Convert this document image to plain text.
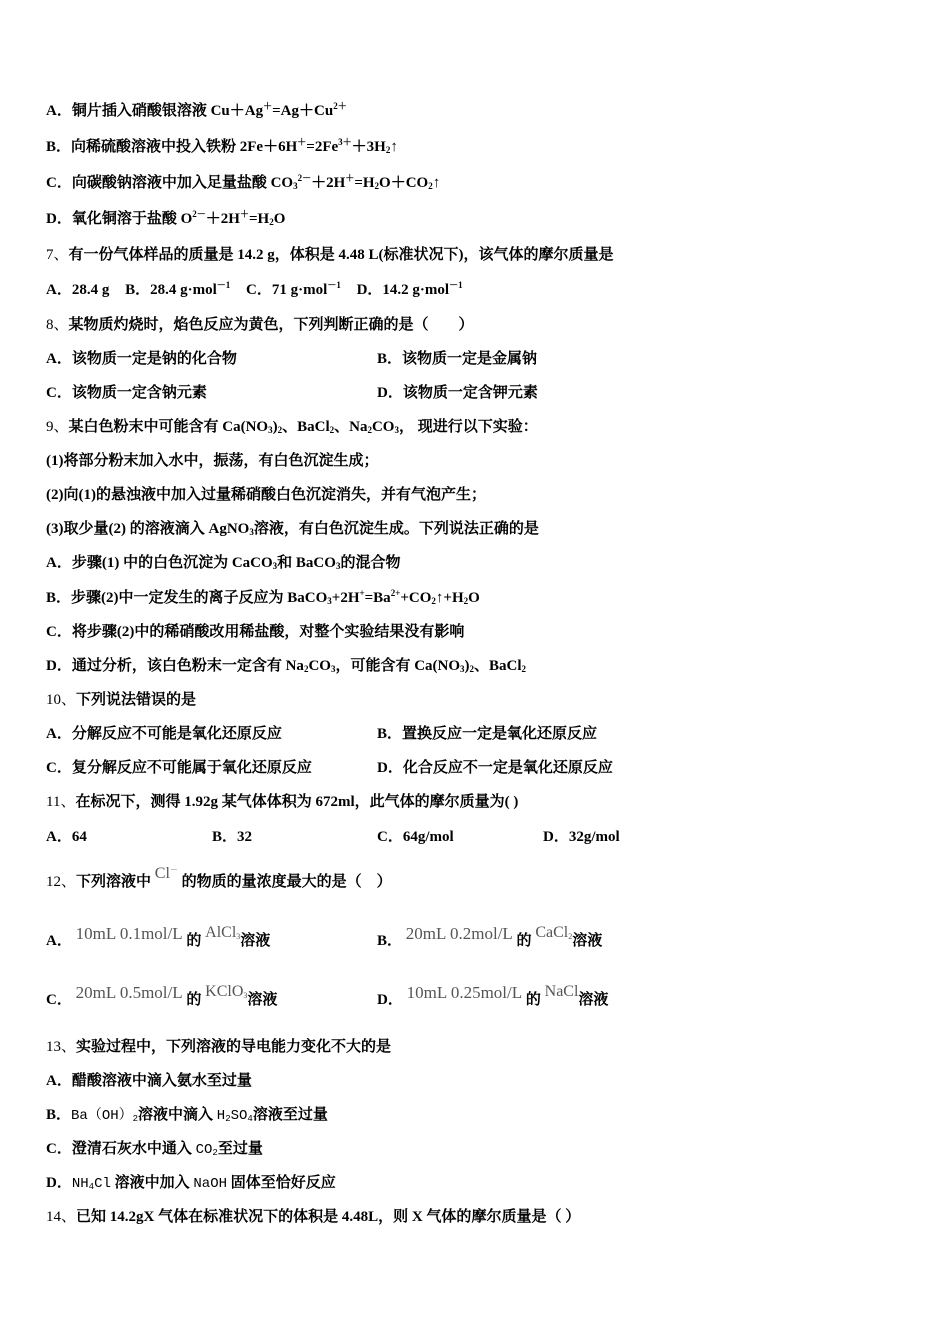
A．铜片插入硝酸银溶液 $Cu+Ag^+=Ag+Cu^{2+}$
B．向稀硫酸溶液中投入铁粉 $2Fe+6H^+=2Fe^{3+}+3H_2↑$
C．向碳酸钠溶液中加入足量盐酸 $CO_3^{2-}+2H^+=H_2O+CO_2↑$
D．氧化铜溶于盐酸 $O^{2-}+2H^+=H_2O$
7、有一份气体样品的质量是 14.2 g，体积是 4.48 L(标准状况下)，该气体的摩尔质量是
A．28.4 g B．28.4 g·mol$^{-1}$ C．71 g·mol$^{-1}$ D．14.2 g·mol$^{-1}$
8、某物质灼烧时，焰色反应为黄色，下列判断正确的是（　　）
A．该物质一定是钠的化合物	B．该物质一定是金属钠
C．该物质一定含钠元素	D．该物质一定含钾元素
9、某白色粉末中可能含有 $Ca(NO_3)_2$、BaCl$_2$、$Na_2CO_3$， 现进行以下实验：
(1)将部分粉末加入水中，振荡，有白色沉淀生成；
(2)向(1)的悬浊液中加入过量稀硝酸白色沉淀消失，并有气泡产生；
(3)取少量(2) 的溶液滴入 AgNO$_3$溶液，有白色沉淀生成。下列说法正确的是
A．步骤(1) 中的白色沉淀为 CaCO$_3$和 BaCO$_3$的混合物
B．步骤(2)中一定发生的离子反应为 $BaCO_3+2H^+=Ba^{2+}+CO_2↑+H_2O$
C．将步骤(2)中的稀硝酸改用稀盐酸，对整个实验结果没有影响
D．通过分析，该白色粉末一定含有 $Na_2CO_3$，可能含有 $Ca(NO_3)_2$、BaCl$_2$
10、下列说法错误的是
A．分解反应不可能是氧化还原反应	B．置换反应一定是氧化还原反应
C．复分解反应不可能属于氧化还原反应	D．化合反应不一定是氧化还原反应
11、在标况下，测得 1.92g 某气体体积为 672ml，此气体的摩尔质量为( )
A．64	B．32	C．64g/mol	D．32g/mol
12、下列溶液中 Cl－ 的物质的量浓度最大的是（　）
A． 10mL 0.1mol/L 的 AlCl$_3$溶液	B． 20mL 0.2mol/L 的 CaCl$_2$溶液
C． 20mL 0.5mol/L 的 KClO$_3$溶液	D． 10mL 0.25mol/L 的 NaCl溶液
13、实验过程中，下列溶液的导电能力变化不大的是
A．醋酸溶液中滴入氨水至过量
B．$Ba(OH)_2$溶液中滴入 $H_2SO_4$溶液至过量
C．澄清石灰水中通入 $CO_2$至过量
D．$NH_4Cl$ 溶液中加入 NaOH 固体至恰好反应
14、已知 14.2gX 气体在标准状况下的体积是 4.48L，则 X 气体的摩尔质量是（ ）
